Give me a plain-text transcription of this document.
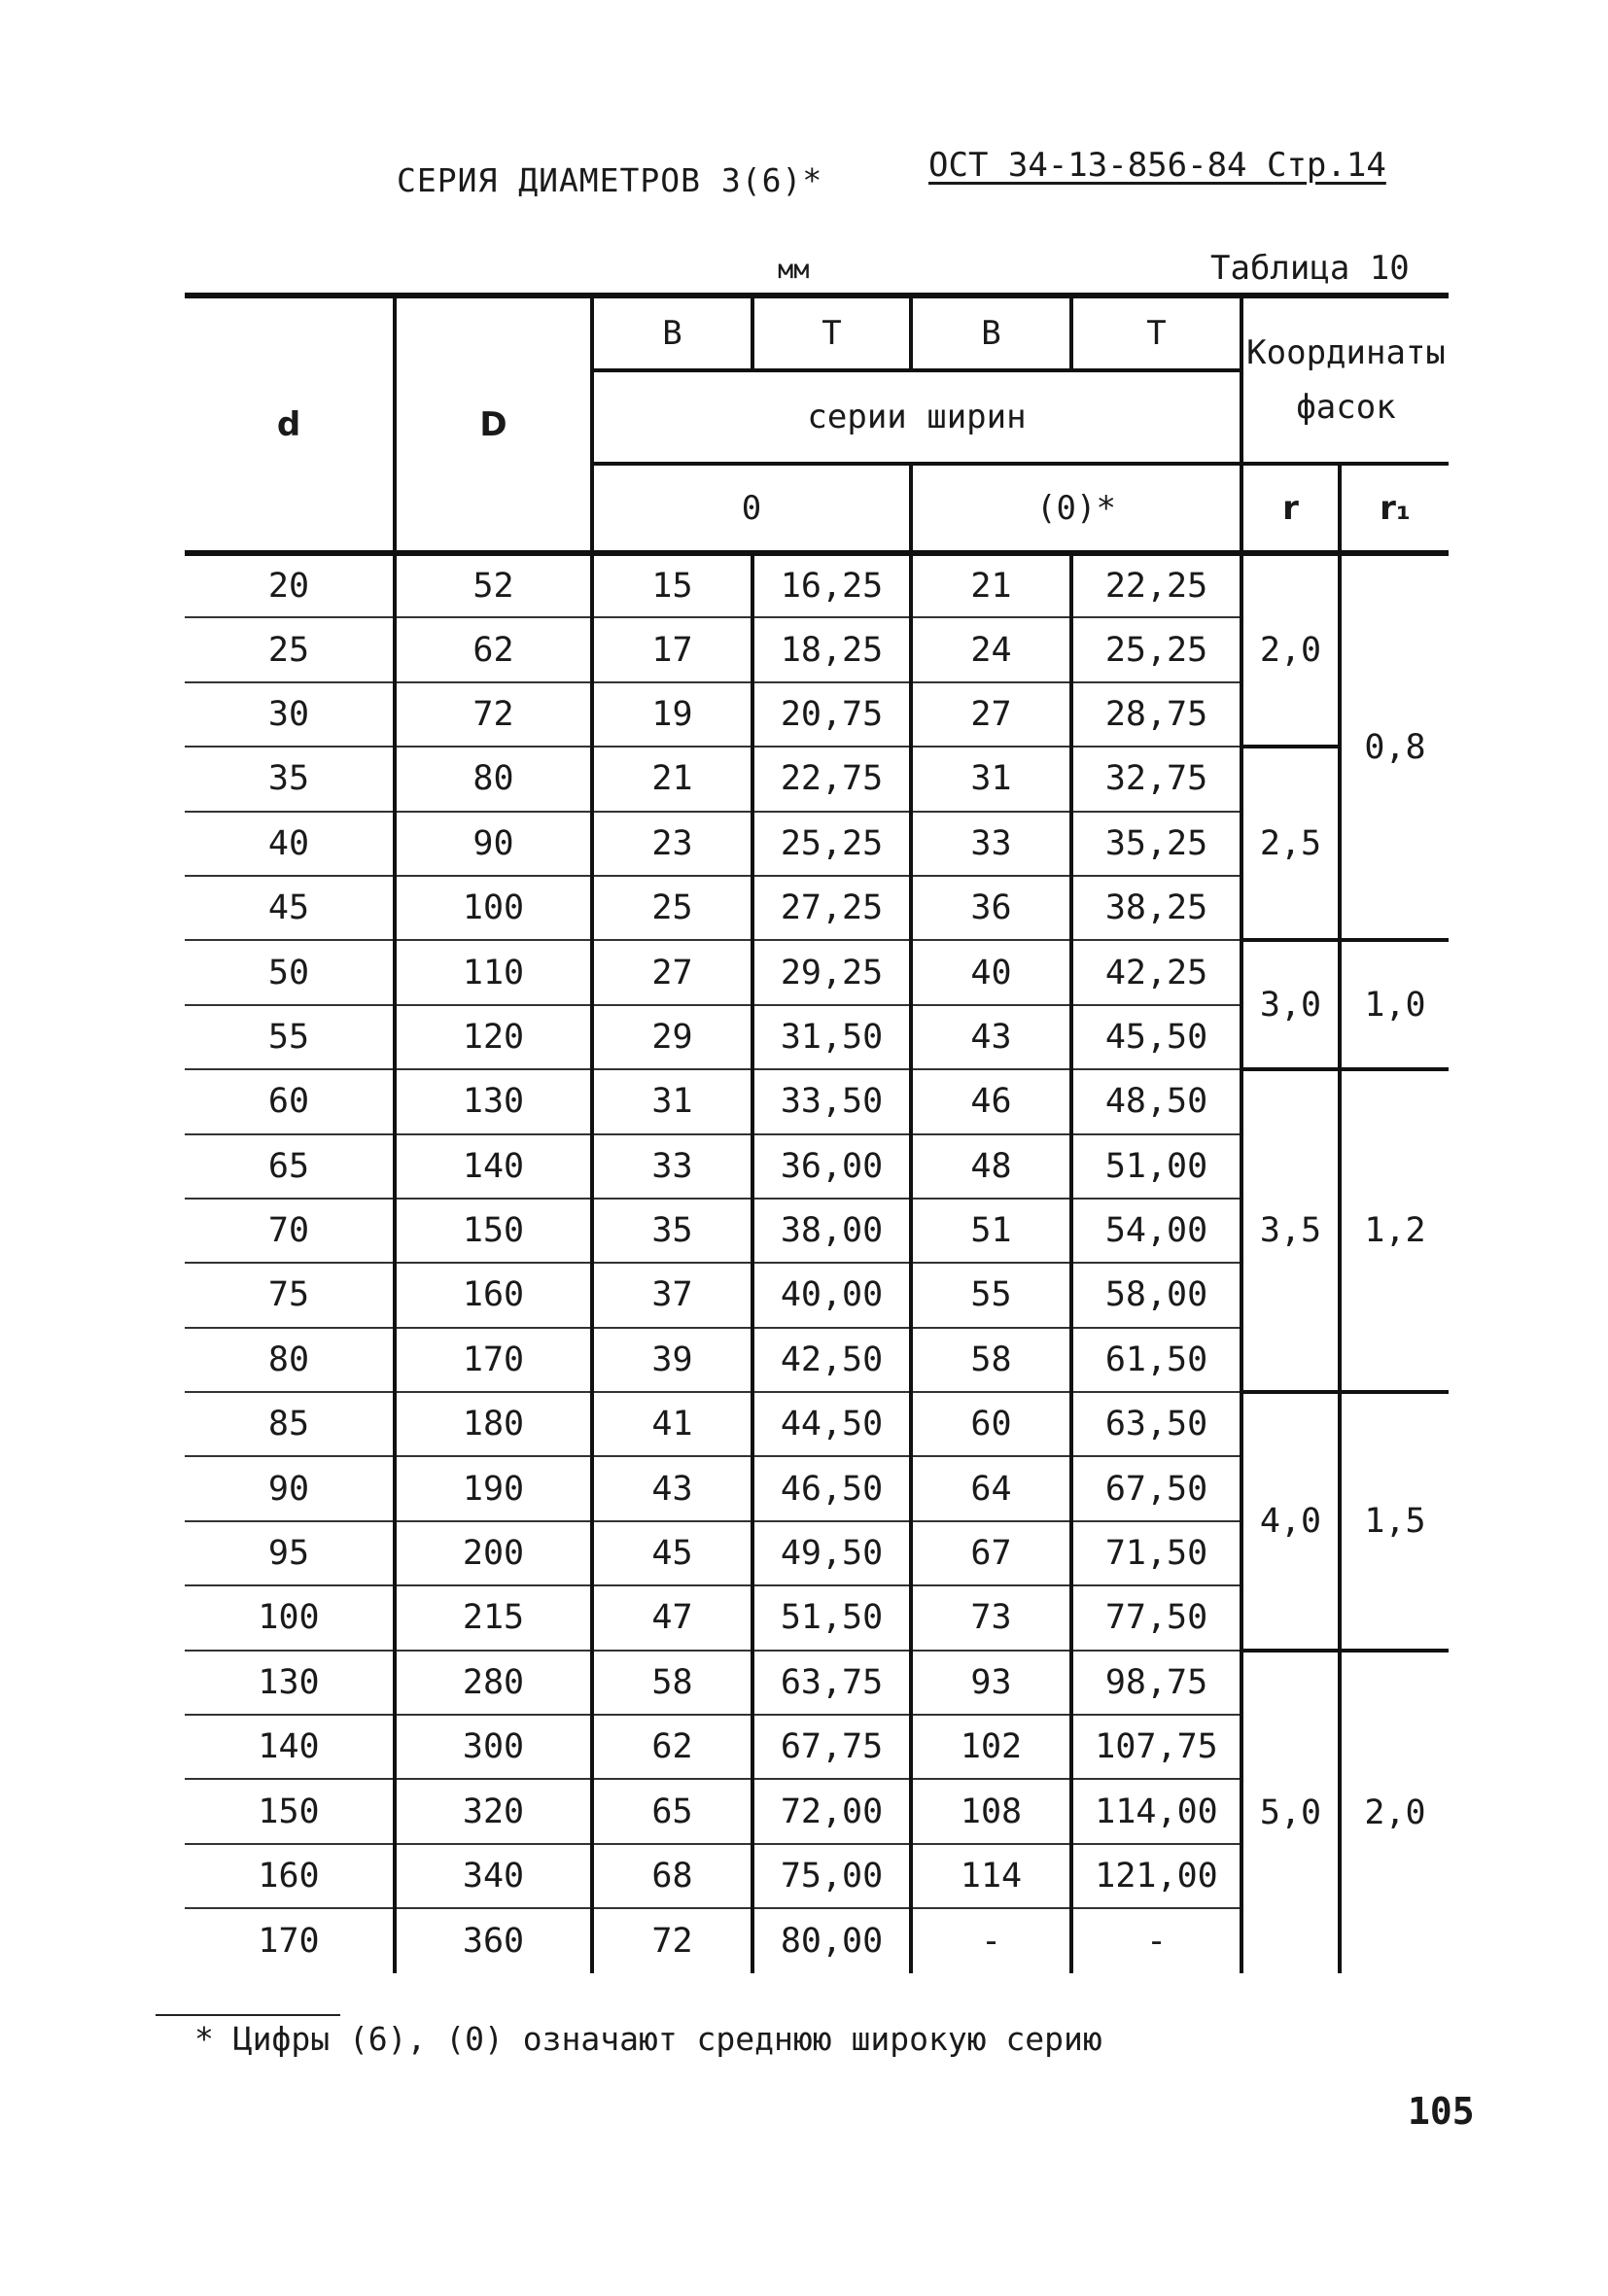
СЕРИЯ ДИАМЕТРОВ 3(6)*	ОСТ 34-13-856-84 Стр.14
мм	Таблица 10
d	D	B	T	B	T	Координаты
фасок	

		серии ширин					
		0		(0)*		r	r₁
20	52	15	16,25	21	22,25	2,0	0,8
25	62	17	18,25	24	25,25		
30	72	19	20,75	27	28,75		
35	80	21	22,75	31	32,75	2,5	
40	90	23	25,25	33	35,25		
45	100	25	27,25	36	38,25		
50	110	27	29,25	40	42,25	3,0	1,0
55	120	29	31,50	43	45,50		
60	130	31	33,50	46	48,50	3,5	1,2
65	140	33	36,00	48	51,00		
70	150	35	38,00	51	54,00		
75	160	37	40,00	55	58,00		
80	170	39	42,50	58	61,50		
85	180	41	44,50	60	63,50	4,0	1,5
90	190	43	46,50	64	67,50		
95	200	45	49,50	67	71,50		
100	215	47	51,50	73	77,50		
130	280	58	63,75	93	98,75	5,0	2,0
140	300	62	67,75	102	107,75		
150	320	65	72,00	108	114,00		
160	340	68	75,00	114	121,00		
170	360	72	80,00	-	-		
* Цифры (6), (0) означают среднюю широкую серию
105
